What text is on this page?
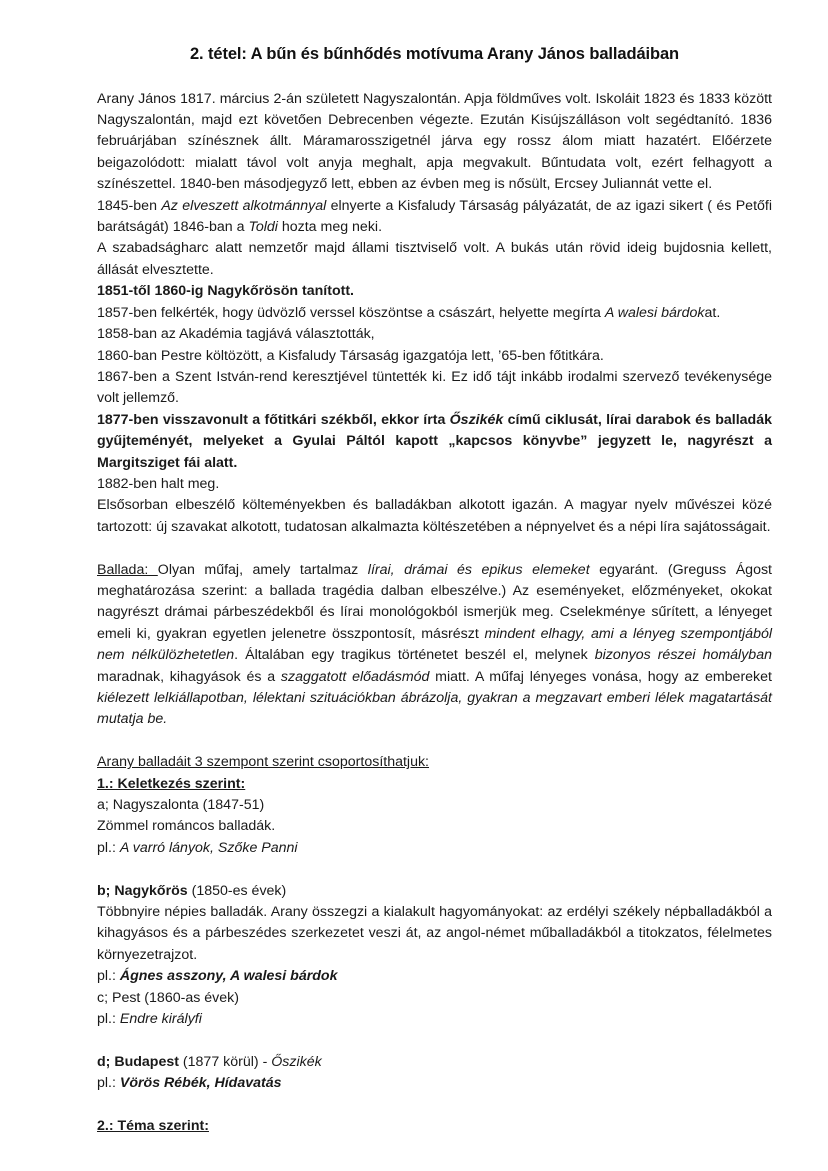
2. tétel: A bűn és bűnhődés motívuma Arany János balladáiban

Arany János 1817. március 2-án született Nagyszalontán. Apja földműves volt. Iskoláit 1823 és 1833 között Nagyszalontán, majd ezt követően Debrecenben végezte. Ezután Kisújszálláson volt segédtanító. 1836 februárjában színésznek állt. Máramarosszigetnél járva egy rossz álom miatt hazatért. Előérzete beigazolódott: mialatt távol volt anyja meghalt, apja megvakult. Bűntudata volt, ezért felhagyott a színészettel. 1840-ben másodjegyző lett, ebben az évben meg is nősült, Ercsey Juliannát vette el.

1845-ben Az elveszett alkotmánnyal elnyerte a Kisfaludy Társaság pályázatát, de az igazi sikert ( és Petőfi barátságát) 1846-ban a Toldi hozta meg neki.

A szabadságharc alatt nemzetőr majd állami tisztviselő volt. A bukás után rövid ideig bujdosnia kellett, állását elvesztette.

1851-től 1860-ig Nagykőrösön tanított.

1857-ben felkérték, hogy üdvözlő verssel köszöntse a császárt, helyette megírta A walesi bárdokat.

1858-ban az Akadémia tagjává választották,

1860-ban Pestre költözött, a Kisfaludy Társaság igazgatója lett, ’65-ben főtitkára.

1867-ben a Szent István-rend keresztjével tüntették ki. Ez idő tájt inkább irodalmi szervező tevékenysége volt jellemző.

1877-ben visszavonult a főtitkári székből, ekkor írta Őszikék című ciklusát, lírai darabok és balladák gyűjteményét, melyeket a Gyulai Páltól kapott „kapcsos könyvbe” jegyzett le, nagyrészt a Margitsziget fái alatt.

1882-ben halt meg.

Elsősorban elbeszélő költeményekben és balladákban alkotott igazán. A magyar nyelv művészei közé tartozott: új szavakat alkotott, tudatosan alkalmazta költészetében a népnyelvet és a népi líra sajátosságait.

Ballada: Olyan műfaj, amely tartalmaz lírai, drámai és epikus elemeket egyaránt. (Greguss Ágost meghatározása szerint: a ballada tragédia dalban elbeszélve.) Az eseményeket, előzményeket, okokat nagyrészt drámai párbeszédekből és lírai monológokból ismerjük meg. Cselekménye sűrített, a lényeget emeli ki, gyakran egyetlen jelenetre összpontosít, másrészt mindent elhagy, ami a lényeg szempontjából nem nélkülözhetetlen. Általában egy tragikus történetet beszél el, melynek bizonyos részei homályban maradnak, kihagyások és a szaggatott előadásmód miatt. A műfaj lényeges vonása, hogy az embereket kiélezett lelkiállapotban, lélektani szituációkban ábrázolja, gyakran a megzavart emberi lélek magatartását mutatja be.

Arany balladáit 3 szempont szerint csoportosíthatjuk:

1.: Keletkezés szerint:

a; Nagyszalonta (1847-51)

Zömmel románcos balladák.

pl.: A varró lányok, Szőke Panni

b; Nagykőrös (1850-es évek)

Többnyire népies balladák. Arany összegzi a kialakult hagyományokat: az erdélyi székely népballadákból a kihagyásos és a párbeszédes szerkezetet veszi át, az angol-német műballadákból a titokzatos, félelmetes környezetrajzot.

pl.: Ágnes asszony, A walesi bárdok

c; Pest (1860-as évek)

pl.: Endre királyfi

d; Budapest (1877 körül) - Őszikék

pl.: Vörös Rébék, Hídavatás

2.: Téma szerint:
